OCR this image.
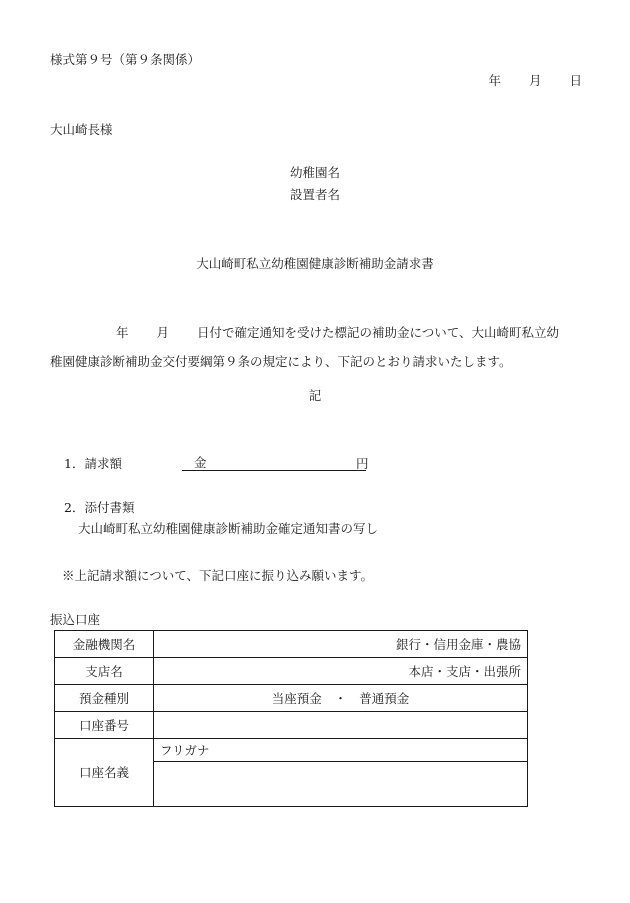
様式第９号（第９条関係）
年 月 日
大山崎長様
幼稚園名
設置者名
大山崎町私立幼稚園健康診断補助金請求書
年 月 日付で確定通知を受けた標記の補助金について、大山崎町私立幼
稚園健康診断補助金交付要綱第９条の規定により、下記のとおり請求いたします。
記
1．請求額	金	円
2．添付書類
大山崎町私立幼稚園健康診断補助金確定通知書の写し
※上記請求額について、下記口座に振り込み願います。
振込口座
金融機関名	銀行・信用金庫・農協
支店名	本店・支店・出張所
預金種別	当座預金　・　普通預金
口座番号	
口座名義	フリガナ
